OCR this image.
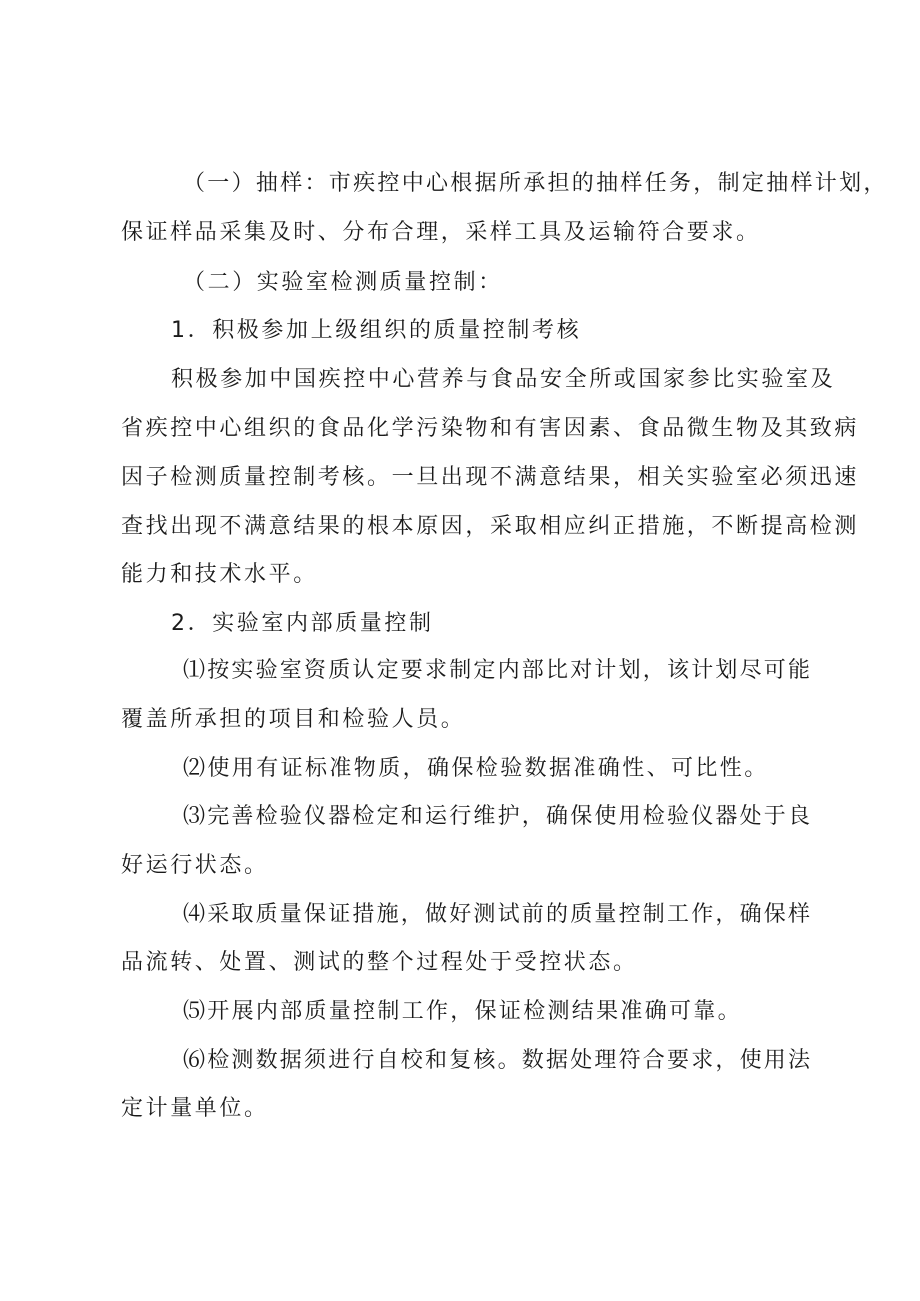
（一）抽样：市疾控中心根据所承担的抽样任务，制定抽样计划，
保证样品采集及时、分布合理，采样工具及运输符合要求。
（二）实验室检测质量控制：
1．积极参加上级组织的质量控制考核
积极参加中国疾控中心营养与食品安全所或国家参比实验室及
省疾控中心组织的食品化学污染物和有害因素、食品微生物及其致病
因子检测质量控制考核。一旦出现不满意结果，相关实验室必须迅速
查找出现不满意结果的根本原因，采取相应纠正措施，不断提高检测
能力和技术水平。
2．实验室内部质量控制
⑴按实验室资质认定要求制定内部比对计划，该计划尽可能
覆盖所承担的项目和检验人员。
⑵使用有证标准物质，确保检验数据准确性、可比性。
⑶完善检验仪器检定和运行维护，确保使用检验仪器处于良
好运行状态。
⑷采取质量保证措施，做好测试前的质量控制工作，确保样
品流转、处置、测试的整个过程处于受控状态。
⑸开展内部质量控制工作，保证检测结果准确可靠。
⑹检测数据须进行自校和复核。数据处理符合要求，使用法
定计量单位。
